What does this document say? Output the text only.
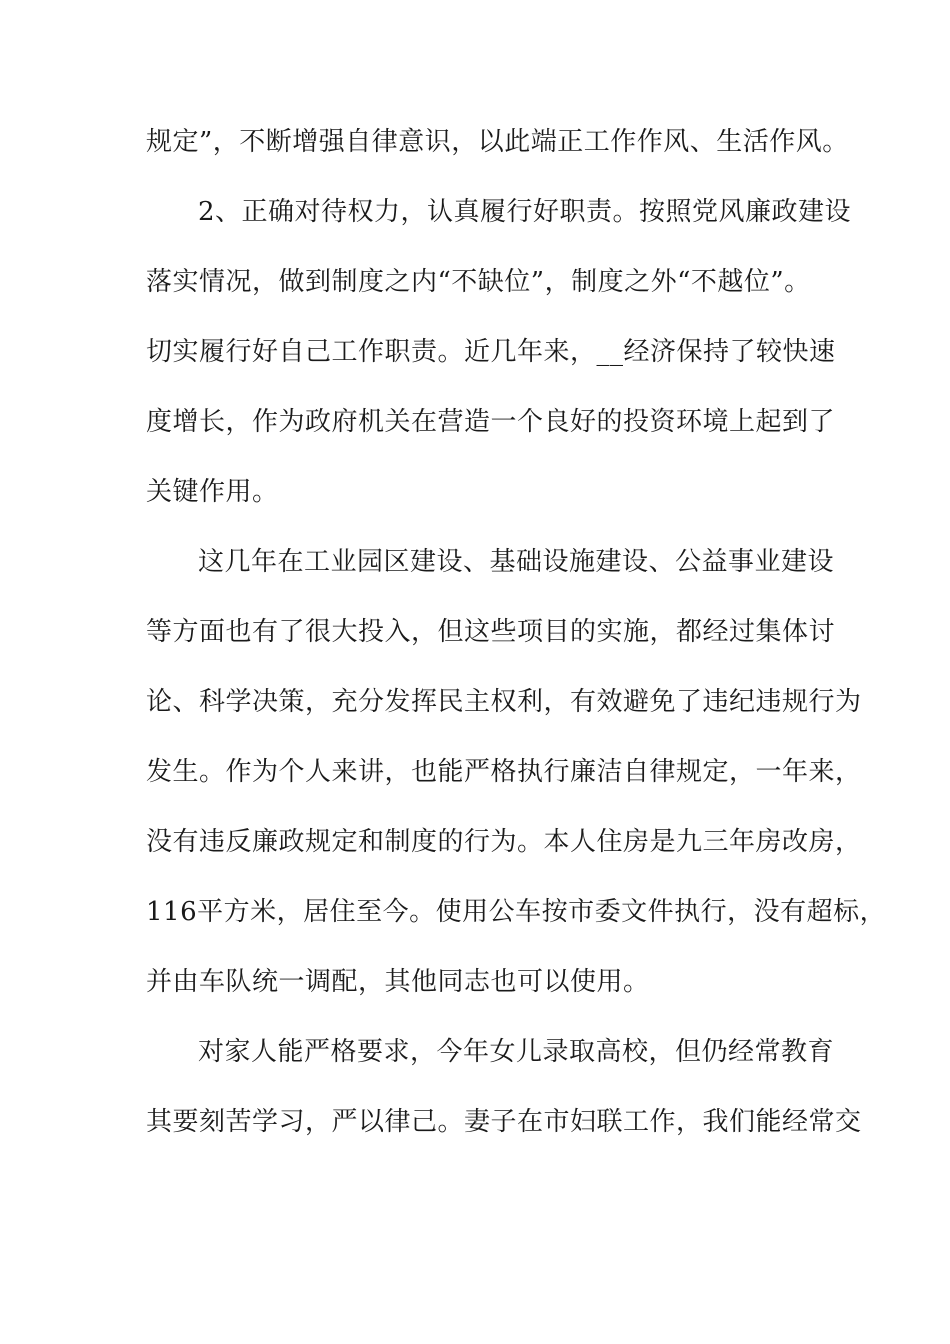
规定”，不断增强自律意识，以此端正工作作风、生活作风。
2、正确对待权力，认真履行好职责。按照党风廉政建设
落实情况，做到制度之内“不缺位”，制度之外“不越位”。
切实履行好自己工作职责。近几年来，__经济保持了较快速
度增长，作为政府机关在营造一个良好的投资环境上起到了
关键作用。
这几年在工业园区建设、基础设施建设、公益事业建设
等方面也有了很大投入，但这些项目的实施，都经过集体讨
论、科学决策，充分发挥民主权利，有效避免了违纪违规行为
发生。作为个人来讲，也能严格执行廉洁自律规定，一年来，
没有违反廉政规定和制度的行为。本人住房是九三年房改房，
116平方米，居住至今。使用公车按市委文件执行，没有超标，
并由车队统一调配，其他同志也可以使用。
对家人能严格要求，今年女儿录取高校，但仍经常教育
其要刻苦学习，严以律己。妻子在市妇联工作，我们能经常交
